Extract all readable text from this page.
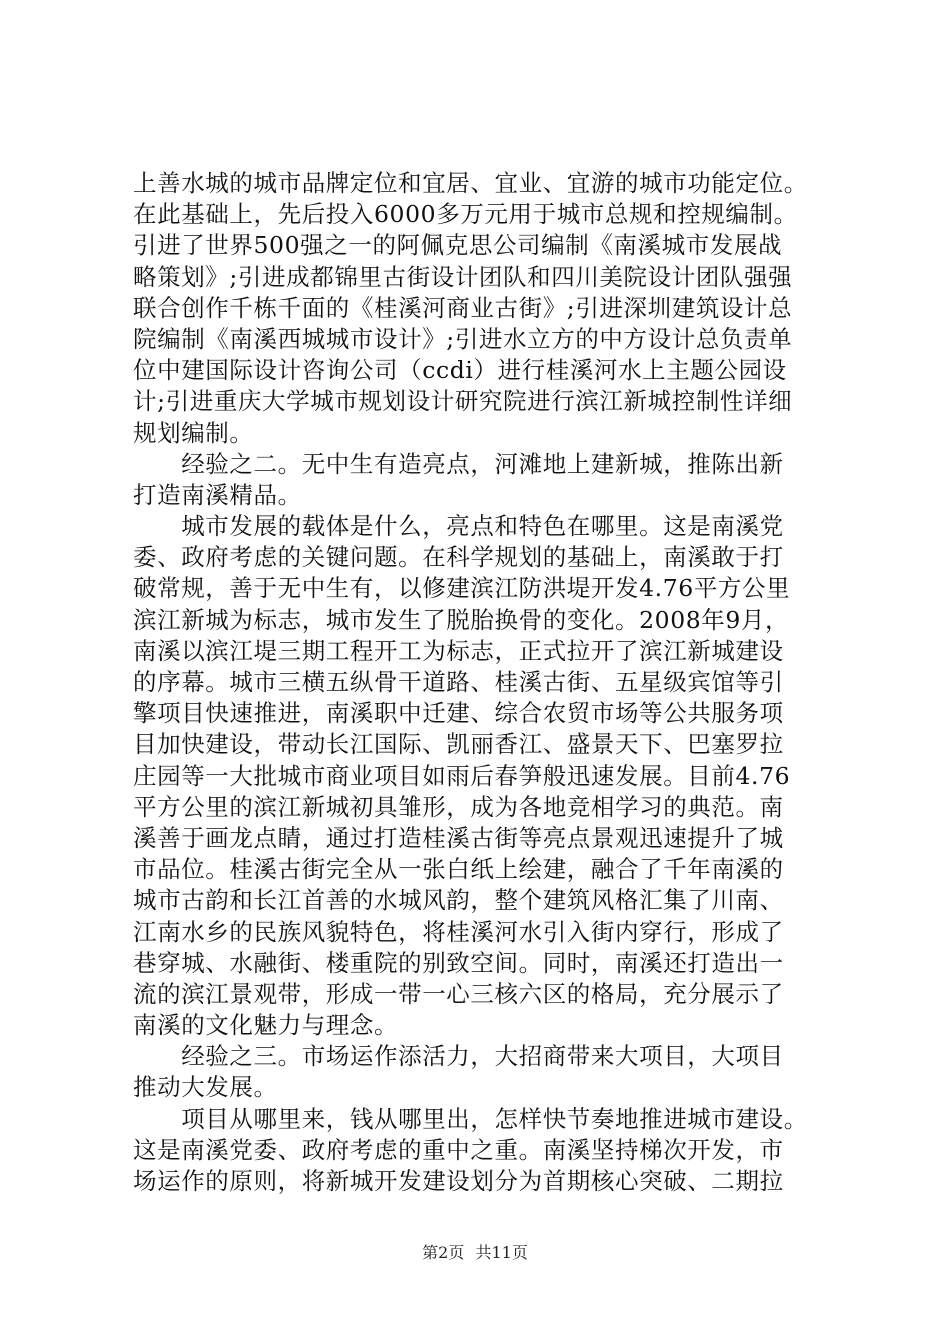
上善水城的城市品牌定位和宜居、宜业、宜游的城市功能定位。
在此基础上，先后投入6000多万元用于城市总规和控规编制。
引进了世界500强之一的阿佩克思公司编制《南溪城市发展战
略策划》;引进成都锦里古街设计团队和四川美院设计团队强强
联合创作千栋千面的《桂溪河商业古街》;引进深圳建筑设计总
院编制《南溪西城城市设计》;引进水立方的中方设计总负责单
位中建国际设计咨询公司（ccdi）进行桂溪河水上主题公园设
计;引进重庆大学城市规划设计研究院进行滨江新城控制性详细
规划编制。
　　经验之二。无中生有造亮点，河滩地上建新城，推陈出新
打造南溪精品。
　　城市发展的载体是什么，亮点和特色在哪里。这是南溪党
委、政府考虑的关键问题。在科学规划的基础上，南溪敢于打
破常规，善于无中生有，以修建滨江防洪堤开发4.76平方公里
滨江新城为标志，城市发生了脱胎换骨的变化。2008年9月，
南溪以滨江堤三期工程开工为标志，正式拉开了滨江新城建设
的序幕。城市三横五纵骨干道路、桂溪古街、五星级宾馆等引
擎项目快速推进，南溪职中迁建、综合农贸市场等公共服务项
目加快建设，带动长江国际、凯丽香江、盛景天下、巴塞罗拉
庄园等一大批城市商业项目如雨后春笋般迅速发展。目前4.76
平方公里的滨江新城初具雏形，成为各地竞相学习的典范。南
溪善于画龙点睛，通过打造桂溪古街等亮点景观迅速提升了城
市品位。桂溪古街完全从一张白纸上绘建，融合了千年南溪的
城市古韵和长江首善的水城风韵，整个建筑风格汇集了川南、
江南水乡的民族风貌特色，将桂溪河水引入街内穿行，形成了
巷穿城、水融街、楼重院的别致空间。同时，南溪还打造出一
流的滨江景观带，形成一带一心三核六区的格局，充分展示了
南溪的文化魅力与理念。
　　经验之三。市场运作添活力，大招商带来大项目，大项目
推动大发展。
　　项目从哪里来，钱从哪里出，怎样快节奏地推进城市建设。
这是南溪党委、政府考虑的重中之重。南溪坚持梯次开发，市
场运作的原则，将新城开发建设划分为首期核心突破、二期拉
第2页 共11页
